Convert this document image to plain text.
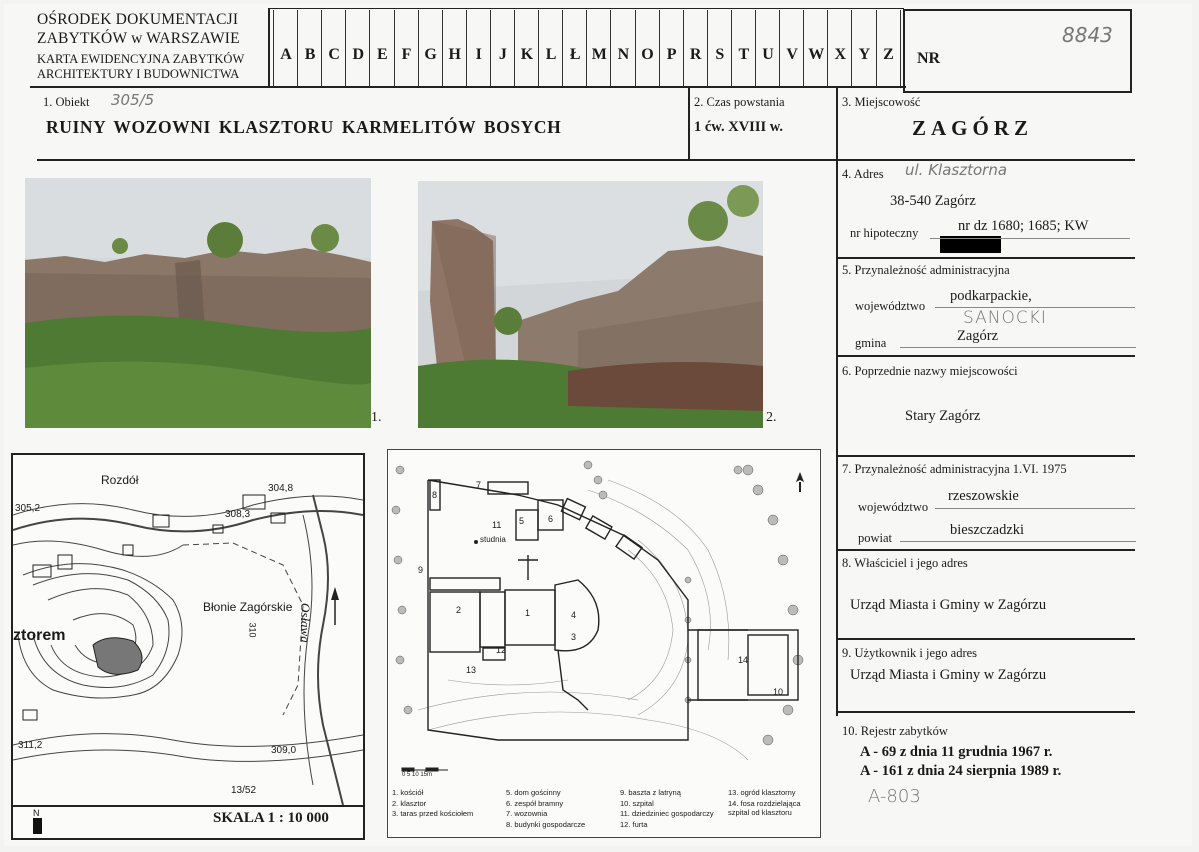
OŚRODEK DOKUMENTACJI
ZABYTKÓW w WARSZAWIE
KARTA EWIDENCYJNA ZABYTKÓW
ARCHITEKTURY I BUDOWNICTWA
A B C D E F G H I	J K L Ł M N O P R S T U V W X Y Z	NR
8843
1. Obiekt 305/5
RUINY WOZOWNI KLASZTORU KARMELITÓW BOSYCH
2. Czas powstania
1 ćw. XVIII w.
3. Miejscowość
ZAGÓRZ
4. Adres ul. Klasztorna
38-540 Zagórz
nr hipoteczny	nr dz 1680; 1685; KW
5. Przynależność administracyjna
województwo
podkarpackie,
SANOCKI
gmina	Zagórz
6. Poprzednie nazwy miejscowości
Stary Zagórz
7. Przynależność administracyjna 1.VI. 1975
województwo
rzeszowskie
powiat	bieszczadzki
8. Właściciel i jego adres
Urząd Miasta i Gminy w Zagórzu
9. Użytkownik i jego adres
Urząd Miasta i Gminy w Zagórzu
10. Rejestr zabytków
A - 69 z dnia 11 grudnia 1967 r.
A - 161 z dnia 24 sierpnia 1989 r.
A-803
1.	2.
Rozdół
304,8
305,2
308,3
Błonie Zagórskie Osława
ztorem	310
311,2	309,0
13/52
N	SKALA 1 : 10 000
1
2
3
4
5	6
7
8
9
10
11
12
13
14
studnia
0 5 10 15m
1. kościół
2. klasztor
3. taras przed kościołem
5. dom gościnny
6. zespół bramny
7. wozownia
8. budynki gospodarcze
9. baszta z latryną
10. szpital
11. dziedziniec gospodarczy
12. furta
13. ogród klasztorny
14. fosa rozdzielająca szpital od klasztoru
